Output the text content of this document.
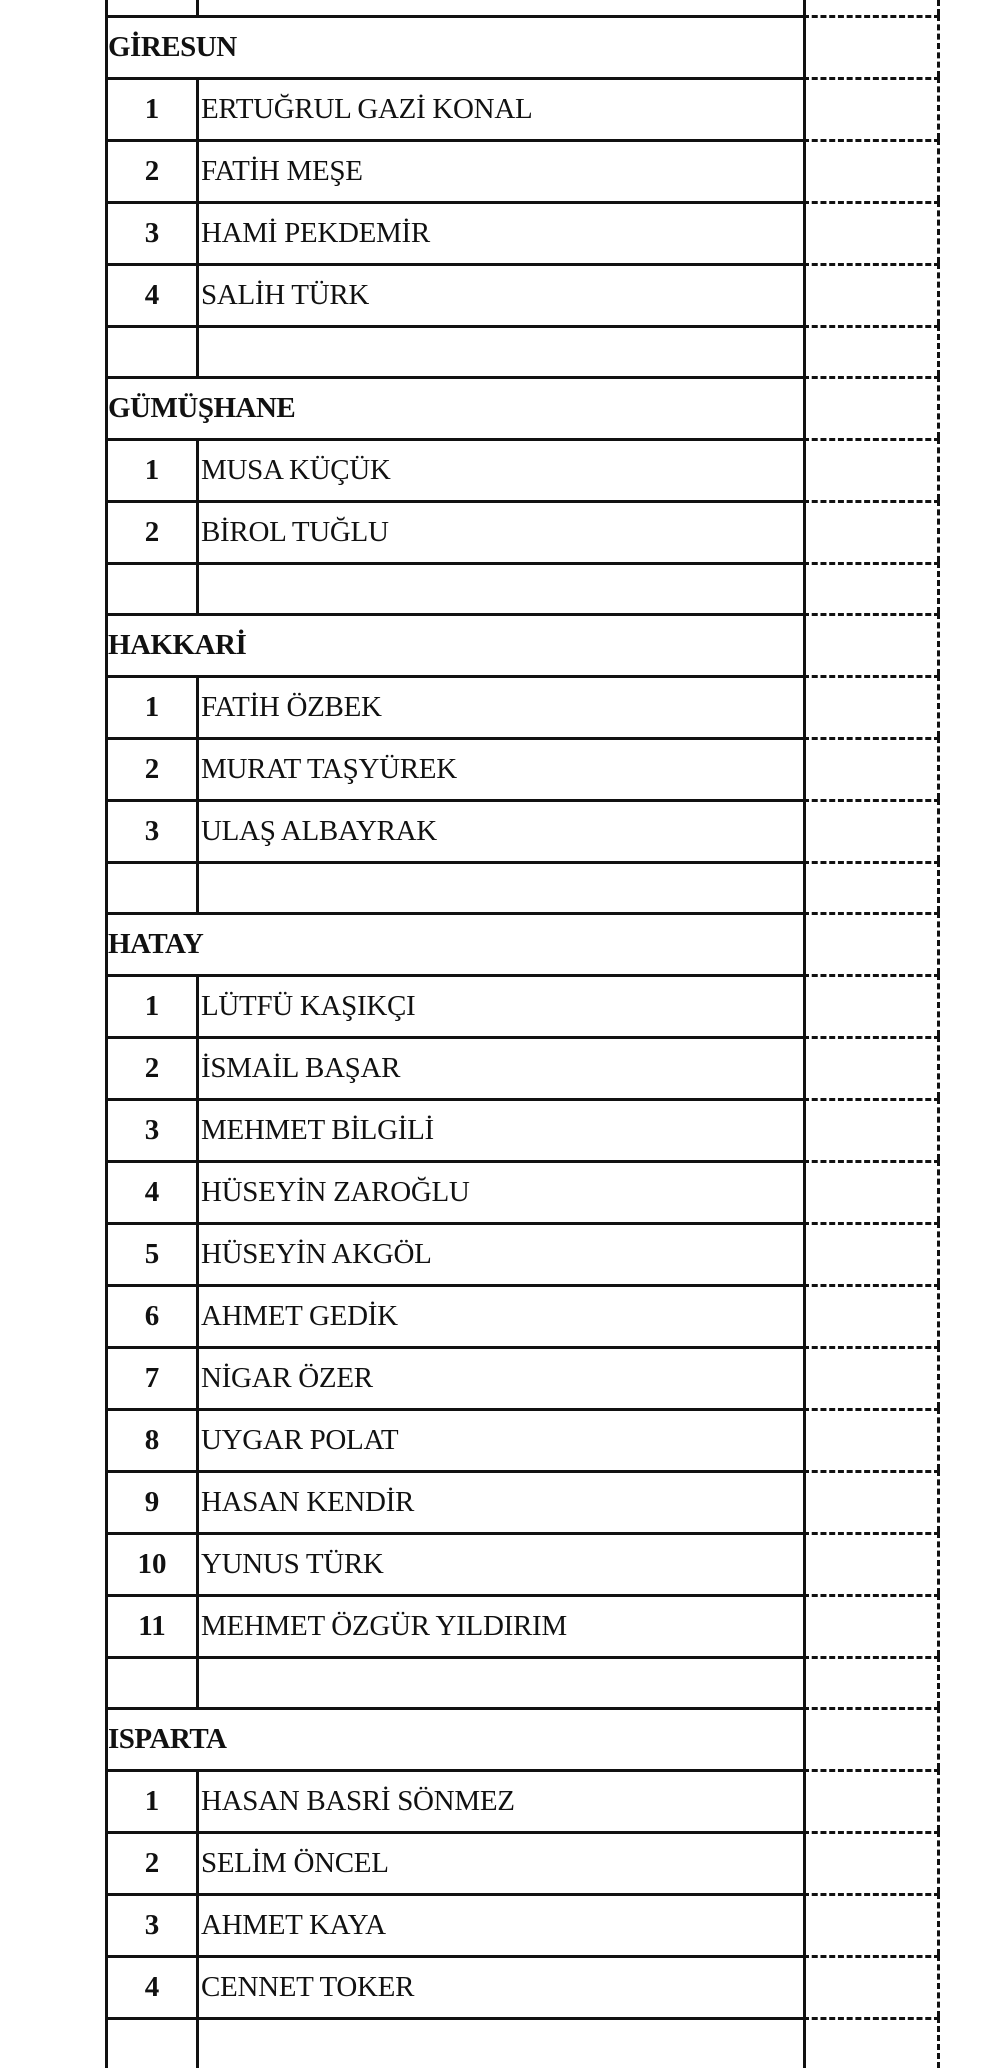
GİRESUN
1	ERTUĞRUL GAZİ KONAL
2	FATİH MEŞE
3	HAMİ PEKDEMİR
4	SALİH TÜRK
GÜMÜŞHANE
1	MUSA KÜÇÜK
2	BİROL TUĞLU
HAKKARİ
1	FATİH ÖZBEK
2	MURAT TAŞYÜREK
3	ULAŞ ALBAYRAK
HATAY
1	LÜTFÜ KAŞIKÇI
2	İSMAİL BAŞAR
3	MEHMET BİLGİLİ
4	HÜSEYİN ZAROĞLU
5	HÜSEYİN AKGÖL
6	AHMET GEDİK
7	NİGAR ÖZER
8	UYGAR POLAT
9	HASAN KENDİR
10	YUNUS TÜRK
11	MEHMET ÖZGÜR YILDIRIM
ISPARTA
1	HASAN BASRİ SÖNMEZ
2	SELİM ÖNCEL
3	AHMET KAYA
4	CENNET TOKER
